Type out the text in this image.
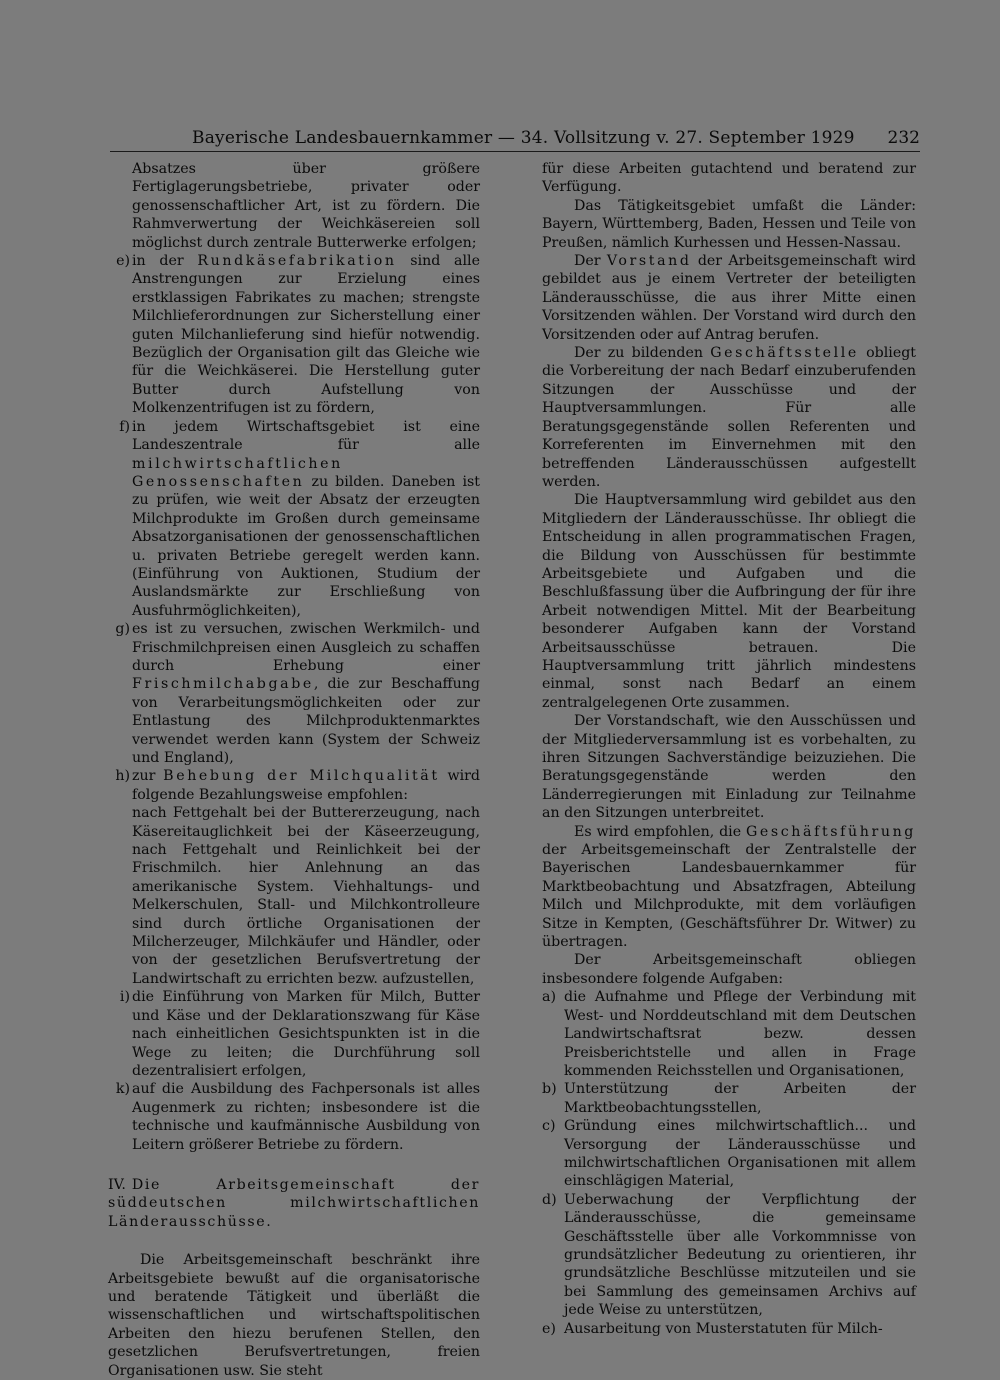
Bayerische Landesbauernkammer — 34. Vollsitzung v. 27. September 1929	232

Absatzes über größere Fertiglagerungsbetriebe, privater oder genossenschaftlicher Art, ist zu fördern. Die Rahmverwertung der Weichkäsereien soll möglichst durch zentrale Butterwerke erfolgen;

e) in der Rundkäsefabrikation sind alle Anstrengungen zur Erzielung eines erstklassigen Fabrikates zu machen; strengste Milchlieferordnungen zur Sicherstellung einer guten Milchanlieferung sind hiefür notwendig. Bezüglich der Organisation gilt das Gleiche wie für die Weichkäserei. Die Herstellung guter Butter durch Aufstellung von Molkenzentrifugen ist zu fördern,

f) in jedem Wirtschaftsgebiet ist eine Landeszentrale für alle milchwirtschaftlichen Genossenschaften zu bilden. Daneben ist zu prüfen, wie weit der Absatz der erzeugten Milchprodukte im Großen durch gemeinsame Absatzorganisationen der genossenschaftlichen u. privaten Betriebe geregelt werden kann. (Einführung von Auktionen, Studium der Auslandsmärkte zur Erschließung von Ausfuhrmöglichkeiten),

g) es ist zu versuchen, zwischen Werkmilch- und Frischmilchpreisen einen Ausgleich zu schaffen durch Erhebung einer Frischmilchabgabe, die zur Beschaffung von Verarbeitungsmöglichkeiten oder zur Entlastung des Milchproduktenmarktes verwendet werden kann (System der Schweiz und England),

h) zur Behebung der Milchqualität wird folgende Bezahlungsweise empfohlen:

nach Fettgehalt bei der Buttererzeugung, nach Käsereitauglichkeit bei der Käseerzeugung, nach Fettgehalt und Reinlichkeit bei der Frischmilch. hier Anlehnung an das amerikanische System. Viehhaltungs- und Melkerschulen, Stall- und Milchkontrolleure sind durch örtliche Organisationen der Milcherzeuger, Milchkäufer und Händler, oder von der gesetzlichen Berufsvertretung der Landwirtschaft zu errichten bezw. aufzustellen,

i) die Einführung von Marken für Milch, Butter und Käse und der Deklarationszwang für Käse nach einheitlichen Gesichtspunkten ist in die Wege zu leiten; die Durchführung soll dezentralisiert erfolgen,

k) auf die Ausbildung des Fachpersonals ist alles Augenmerk zu richten; insbesondere ist die technische und kaufmännische Ausbildung von Leitern größerer Betriebe zu fördern.

IV. Die Arbeitsgemeinschaft der süddeutschen milchwirtschaftlichen Länderausschüsse.

Die Arbeitsgemeinschaft beschränkt ihre Arbeitsgebiete bewußt auf die organisatorische und beratende Tätigkeit und überläßt die wissenschaftlichen und wirtschaftspolitischen Arbeiten den hiezu berufenen Stellen, den gesetzlichen Berufsvertretungen, freien Organisationen usw. Sie steht

für diese Arbeiten gutachtend und beratend zur Verfügung.

Das Tätigkeitsgebiet umfaßt die Länder: Bayern, Württemberg, Baden, Hessen und Teile von Preußen, nämlich Kurhessen und Hessen-Nassau.

Der Vorstand der Arbeitsgemeinschaft wird gebildet aus je einem Vertreter der beteiligten Länderausschüsse, die aus ihrer Mitte einen Vorsitzenden wählen. Der Vorstand wird durch den Vorsitzenden oder auf Antrag berufen.

Der zu bildenden Geschäftsstelle obliegt die Vorbereitung der nach Bedarf einzuberufenden Sitzungen der Ausschüsse und der Hauptversammlungen. Für alle Beratungsgegenstände sollen Referenten und Korreferenten im Einvernehmen mit den betreffenden Länderausschüssen aufgestellt werden.

Die Hauptversammlung wird gebildet aus den Mitgliedern der Länderausschüsse. Ihr obliegt die Entscheidung in allen programmatischen Fragen, die Bildung von Ausschüssen für bestimmte Arbeitsgebiete und Aufgaben und die Beschlußfassung über die Aufbringung der für ihre Arbeit notwendigen Mittel. Mit der Bearbeitung besonderer Aufgaben kann der Vorstand Arbeitsausschüsse betrauen. Die Hauptversammlung tritt jährlich mindestens einmal, sonst nach Bedarf an einem zentralgelegenen Orte zusammen.

Der Vorstandschaft, wie den Ausschüssen und der Mitgliederversammlung ist es vorbehalten, zu ihren Sitzungen Sachverständige beizuziehen. Die Beratungsgegenstände werden den Länderregierungen mit Einladung zur Teilnahme an den Sitzungen unterbreitet.

Es wird empfohlen, die Geschäftsführung der Arbeitsgemeinschaft der Zentralstelle der Bayerischen Landesbauernkammer für Marktbeobachtung und Absatzfragen, Abteilung Milch und Milchprodukte, mit dem vorläufigen Sitze in Kempten, (Geschäftsführer Dr. Witwer) zu übertragen.

Der Arbeitsgemeinschaft obliegen insbesondere folgende Aufgaben:

a) die Aufnahme und Pflege der Verbindung mit West- und Norddeutschland mit dem Deutschen Landwirtschaftsrat bezw. dessen Preisberichtstelle und allen in Frage kommenden Reichsstellen und Organisationen,

b) Unterstützung der Arbeiten der Marktbeobachtungsstellen,

c) Gründung eines milchwirtschaftlich... und Versorgung der Länderausschüsse und milchwirtschaftlichen Organisationen mit allem einschlägigen Material,

d) Ueberwachung der Verpflichtung der Länderausschüsse, die gemeinsame Geschäftsstelle über alle Vorkommnisse von grundsätzlicher Bedeutung zu orientieren, ihr grundsätzliche Beschlüsse mitzuteilen und sie bei Sammlung des gemeinsamen Archivs auf jede Weise zu unterstützen,

e) Ausarbeitung von Musterstatuten für Milch-
